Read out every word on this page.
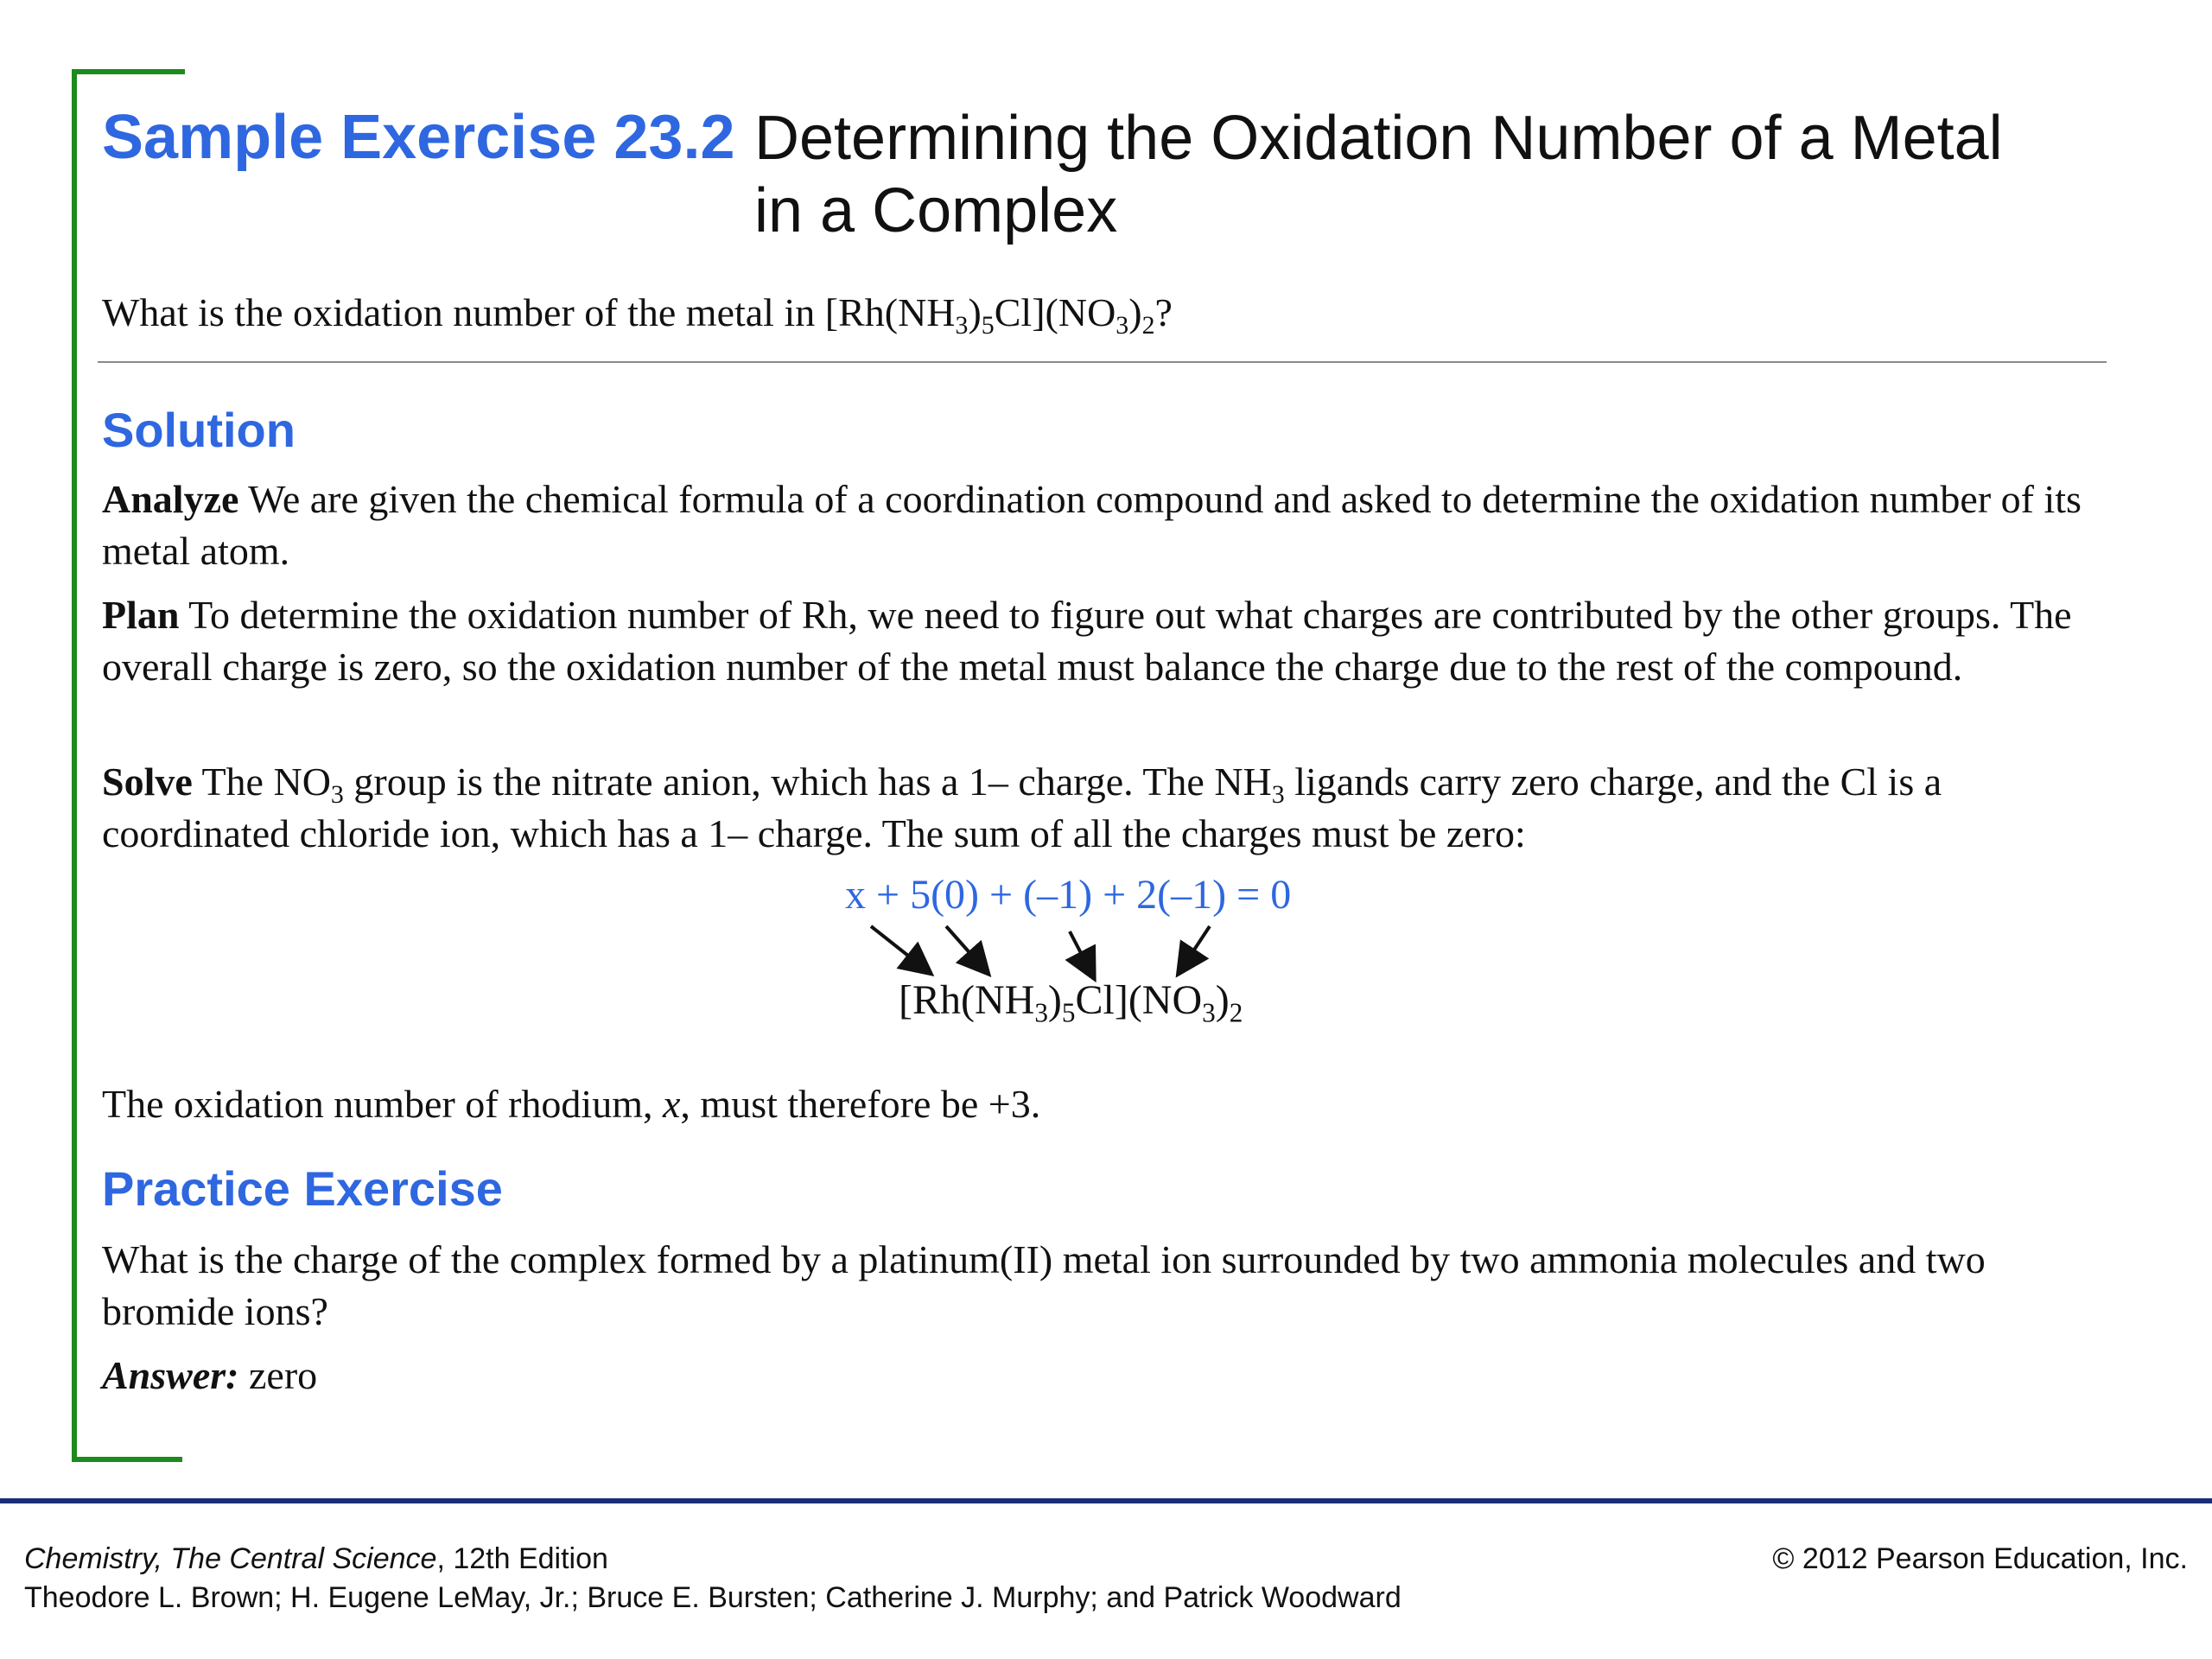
Sample Exercise 23.2 Determining the Oxidation Number of a Metal in a Complex
What is the oxidation number of the metal in $[Rh(NH_3)_5Cl](NO_3)_2$?
Solution
Analyze We are given the chemical formula of a coordination compound and asked to determine the oxidation number of its metal atom.
Plan To determine the oxidation number of Rh, we need to figure out what charges are contributed by the other groups. The overall charge is zero, so the oxidation number of the metal must balance the charge due to the rest of the compound.
Solve The $NO_3$ group is the nitrate anion, which has a 1– charge. The $NH_3$ ligands carry zero charge, and the Cl is a coordinated chloride ion, which has a 1– charge. The sum of all the charges must be zero:
x + 5(0) + (–1) + 2(–1) = 0
$[Rh(NH_3)_5Cl](NO_3)_2$
The oxidation number of rhodium, x, must therefore be +3.
Practice Exercise
What is the charge of the complex formed by a platinum(II) metal ion surrounded by two ammonia molecules and two bromide ions?
Answer: zero
Chemistry, The Central Science, 12th Edition
Theodore L. Brown; H. Eugene LeMay, Jr.; Bruce E. Bursten; Catherine J. Murphy; and Patrick Woodward
© 2012 Pearson Education, Inc.
